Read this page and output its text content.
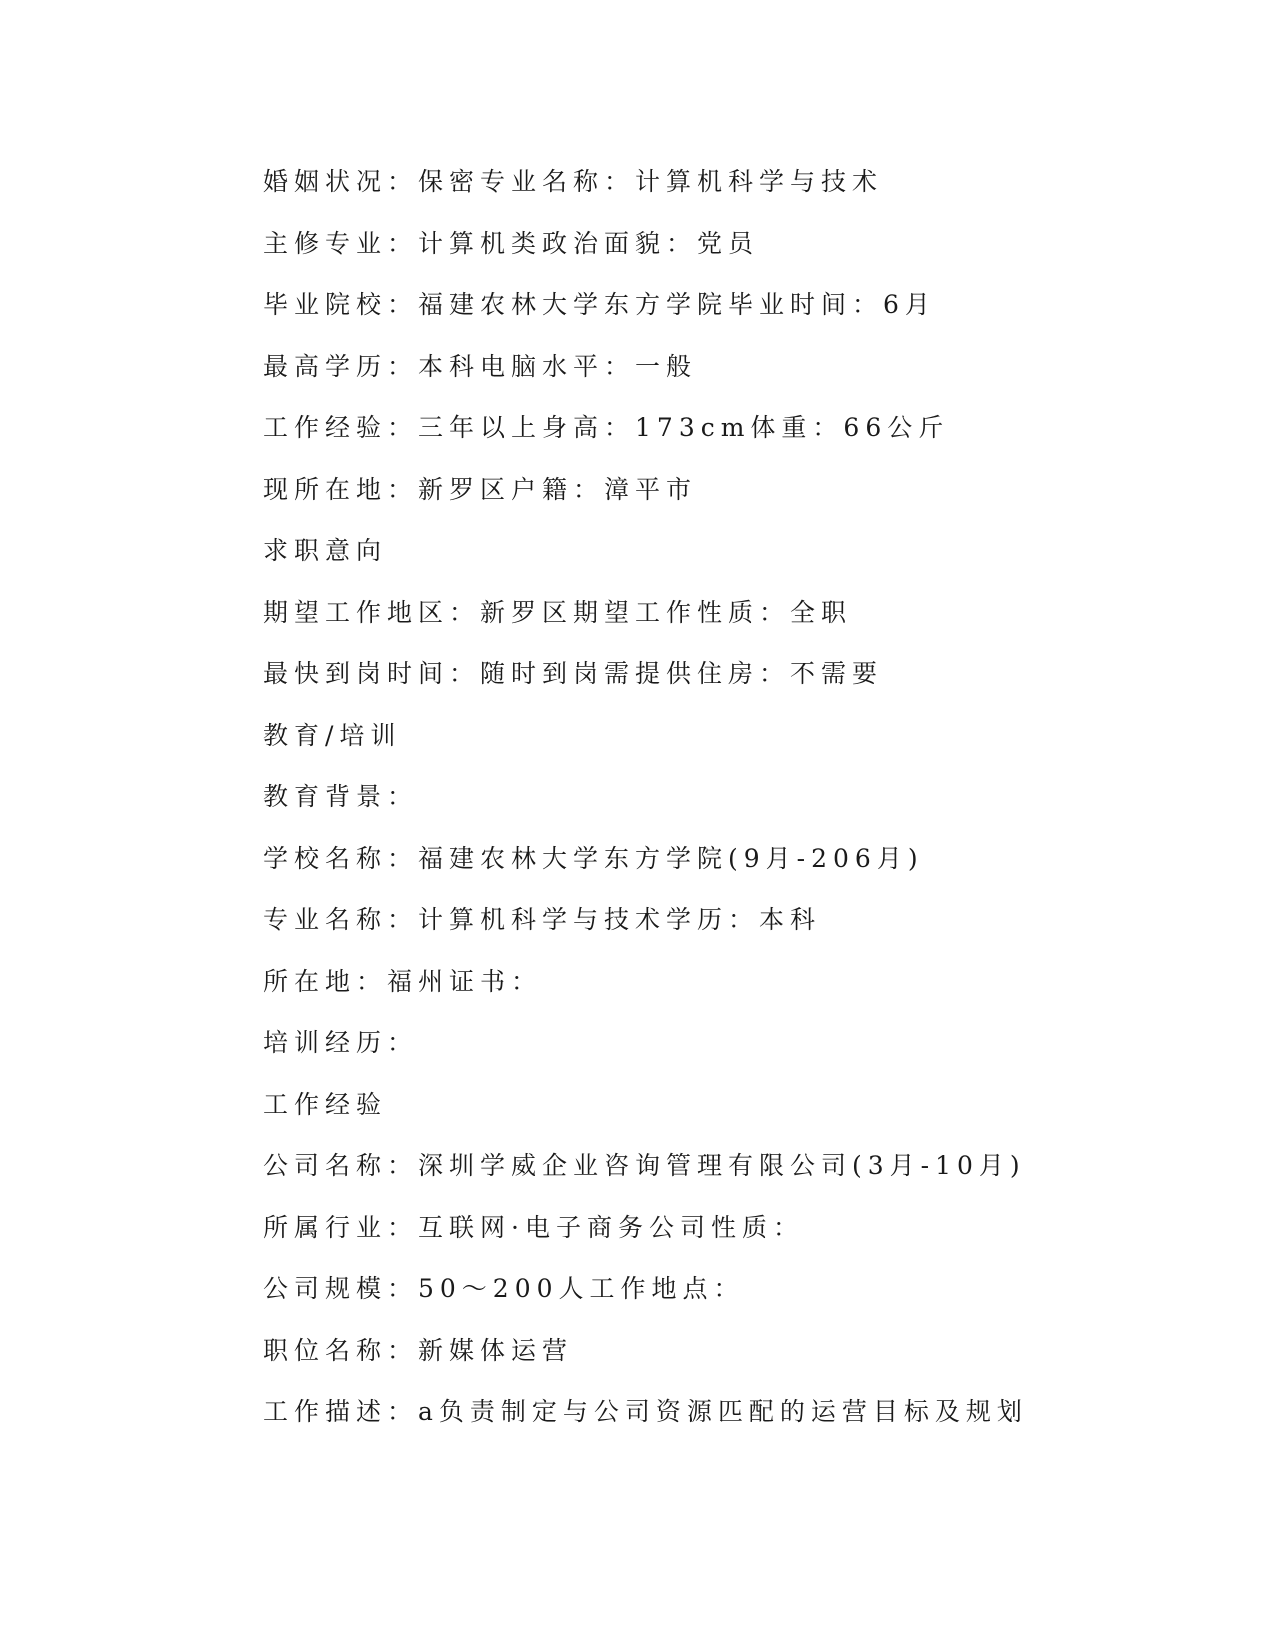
婚姻状况：保密专业名称：计算机科学与技术
主修专业：计算机类政治面貌：党员
毕业院校：福建农林大学东方学院毕业时间：6月
最高学历：本科电脑水平：一般
工作经验：三年以上身高：173cm体重：66公斤
现所在地：新罗区户籍：漳平市
求职意向
期望工作地区：新罗区期望工作性质：全职
最快到岗时间：随时到岗需提供住房：不需要
教育/培训
教育背景：
学校名称：福建农林大学东方学院(9月-206月)
专业名称：计算机科学与技术学历：本科
所在地：福州证书：
培训经历：
工作经验
公司名称：深圳学威企业咨询管理有限公司(3月-10月)
所属行业：互联网·电子商务公司性质：
公司规模：50～200人工作地点：
职位名称：新媒体运营
工作描述：a负责制定与公司资源匹配的运营目标及规划
